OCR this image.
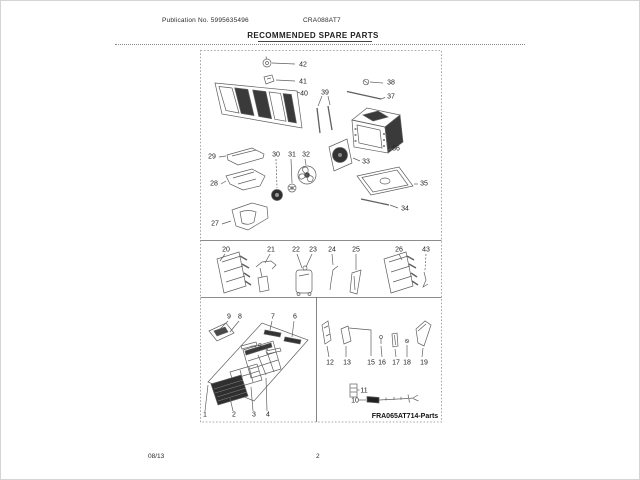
Publication No. 5995635496	CRA088AT7
RECOMMENDED SPARE PARTS
42
41
40 39
38
37
36
35
34
33
32
31
30
29
28
27
20	21 22 23 24 25	26	43
9 8	7	6
5
1	2 3 4
12 13 15 16 17 18 19
11
10
FRA065AT714-Parts
08/13	2
